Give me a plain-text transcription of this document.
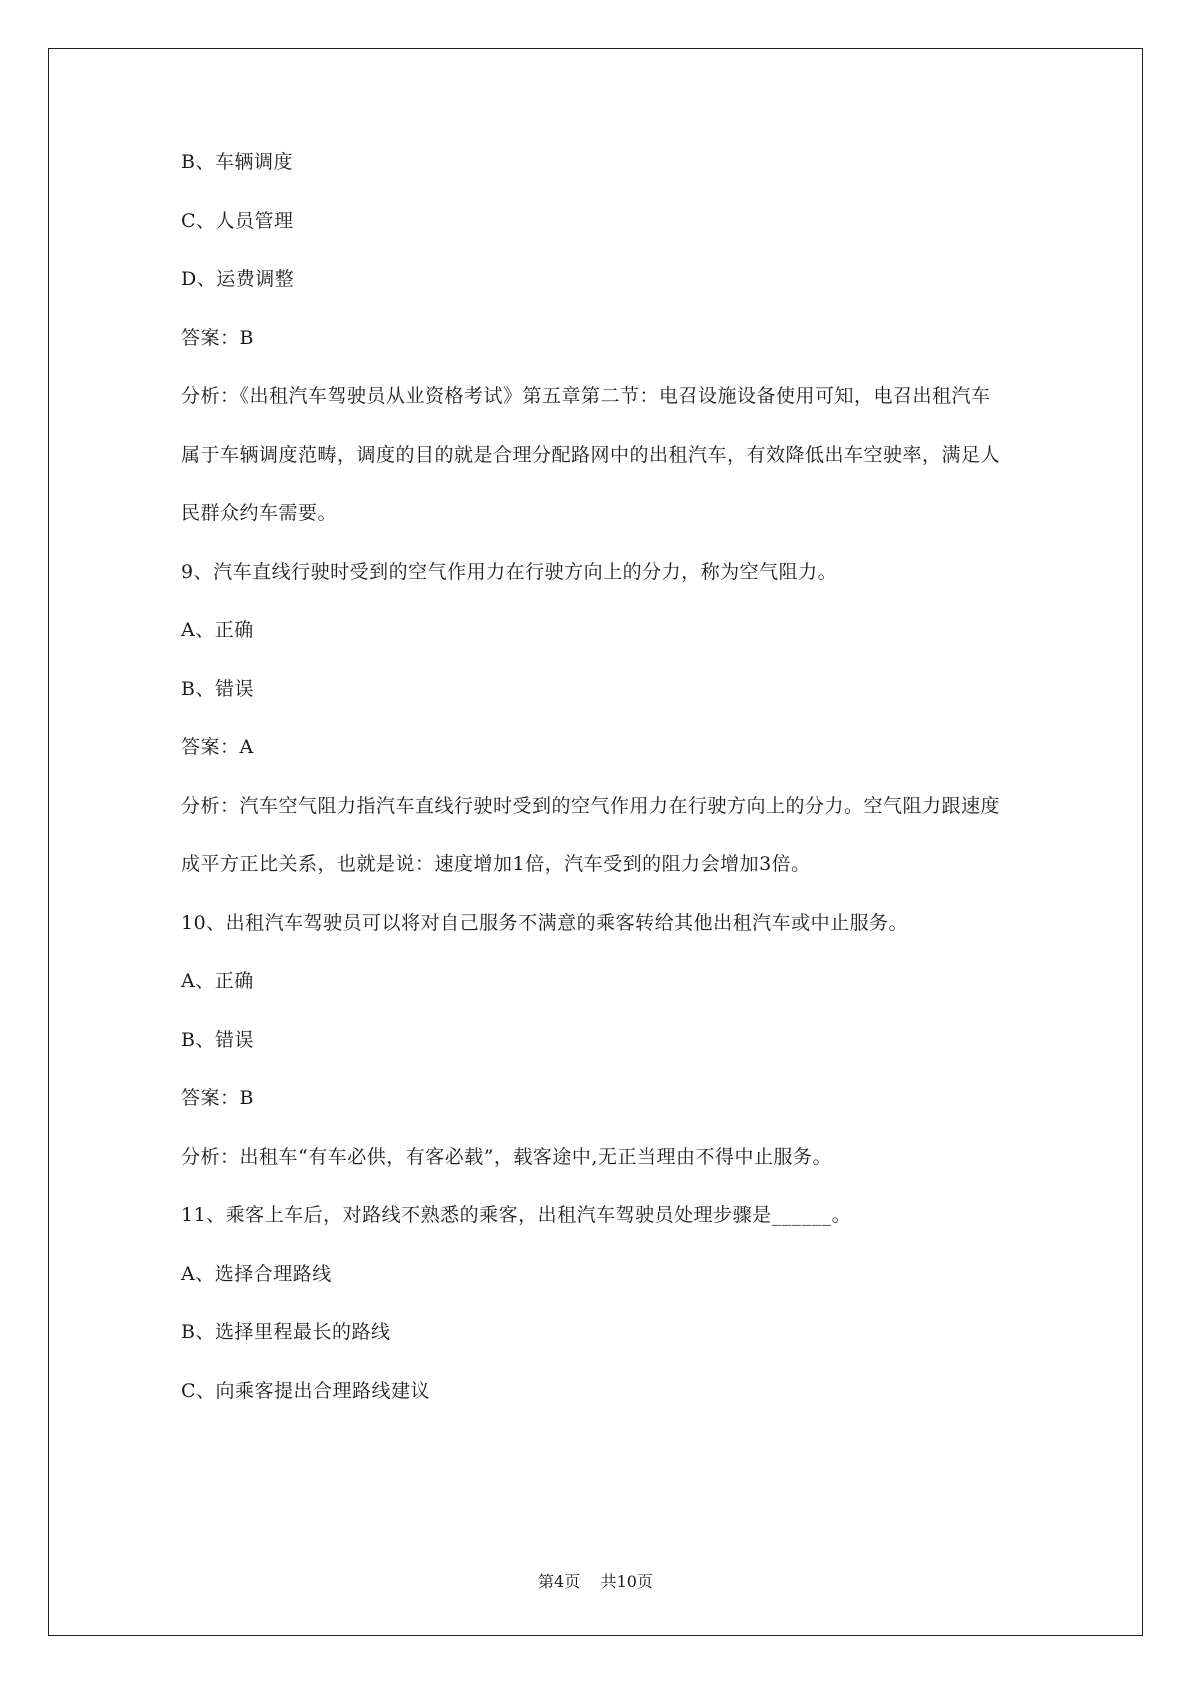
B、车辆调度
C、人员管理
D、运费调整
答案：B
分析：《出租汽车驾驶员从业资格考试》第五章第二节：电召设施设备使用可知，电召出租汽车
属于车辆调度范畴，调度的目的就是合理分配路网中的出租汽车，有效降低出车空驶率，满足人
民群众约车需要。
9、汽车直线行驶时受到的空气作用力在行驶方向上的分力，称为空气阻力。
A、正确
B、错误
答案：A
分析：汽车空气阻力指汽车直线行驶时受到的空气作用力在行驶方向上的分力。空气阻力跟速度
成平方正比关系，也就是说：速度增加1倍，汽车受到的阻力会增加3倍。
10、出租汽车驾驶员可以将对自己服务不满意的乘客转给其他出租汽车或中止服务。
A、正确
B、错误
答案：B
分析：出租车“有车必供，有客必载”，载客途中,无正当理由不得中止服务。
11、乘客上车后，对路线不熟悉的乘客，出租汽车驾驶员处理步骤是______。
A、选择合理路线
B、选择里程最长的路线
C、向乘客提出合理路线建议
第4页 共10页
